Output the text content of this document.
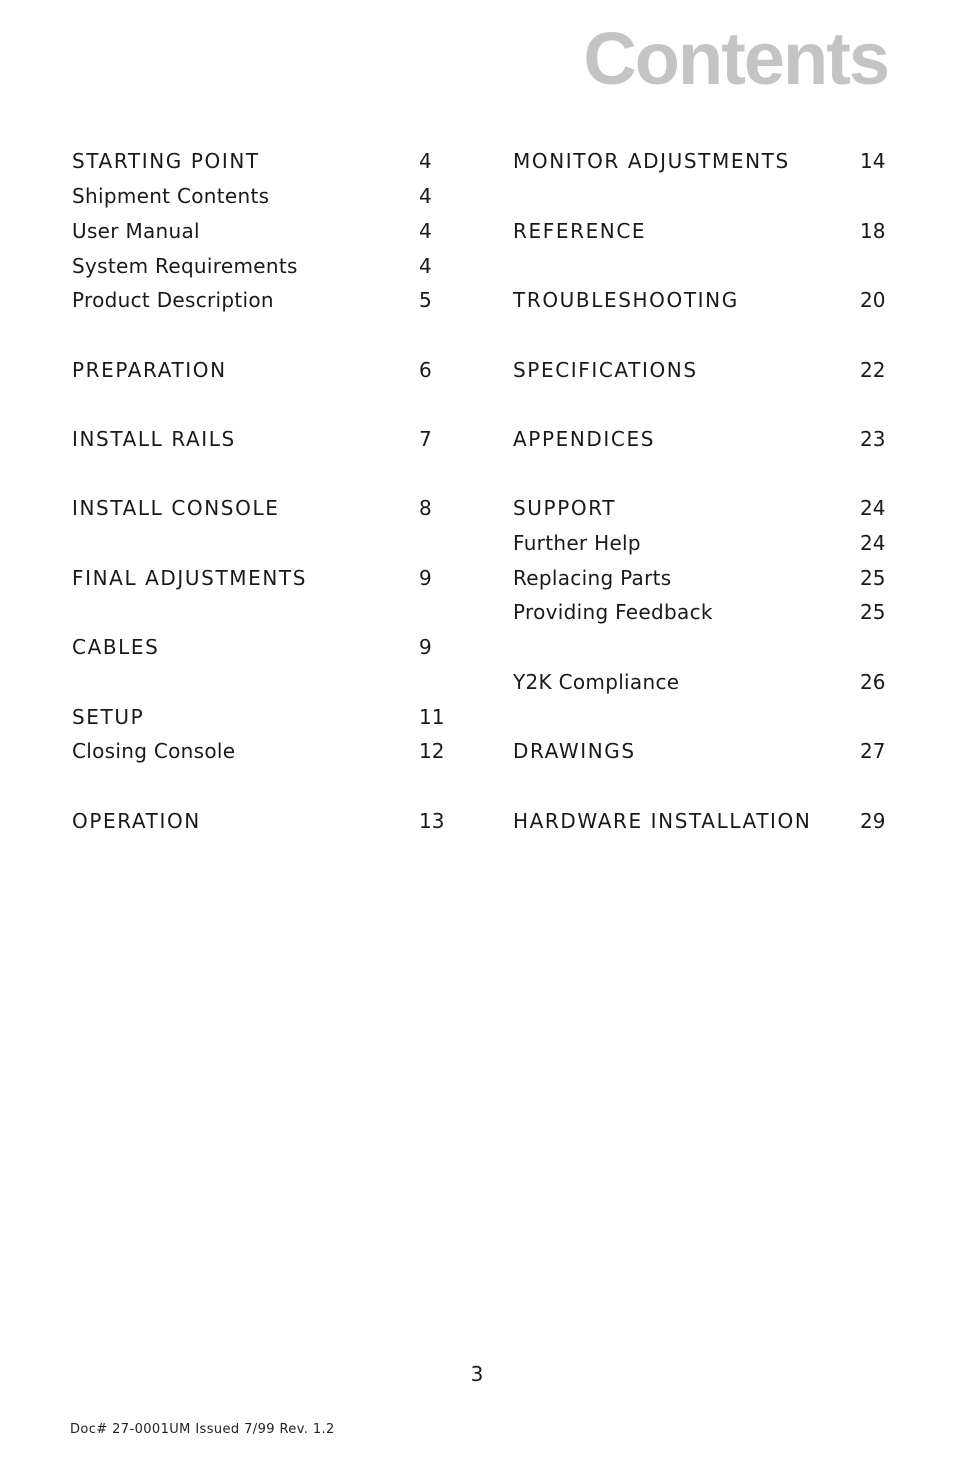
Contents
STARTING POINT	4
Shipment Contents	4
User Manual	4
System Requirements	4
Product Description	5
PREPARATION	6
INSTALL RAILS	7
INSTALL CONSOLE	8
FINAL ADJUSTMENTS	9
CABLES	9
SETUP	11
Closing Console	12
OPERATION	13
MONITOR ADJUSTMENTS	14
REFERENCE	18
TROUBLESHOOTING	20
SPECIFICATIONS	22
APPENDICES	23
SUPPORT	24
Further Help	24
Replacing Parts	25
Providing Feedback	25
Y2K Compliance	26
DRAWINGS	27
HARDWARE INSTALLATION 29
3
Doc# 27-0001UM Issued 7/99 Rev. 1.2
